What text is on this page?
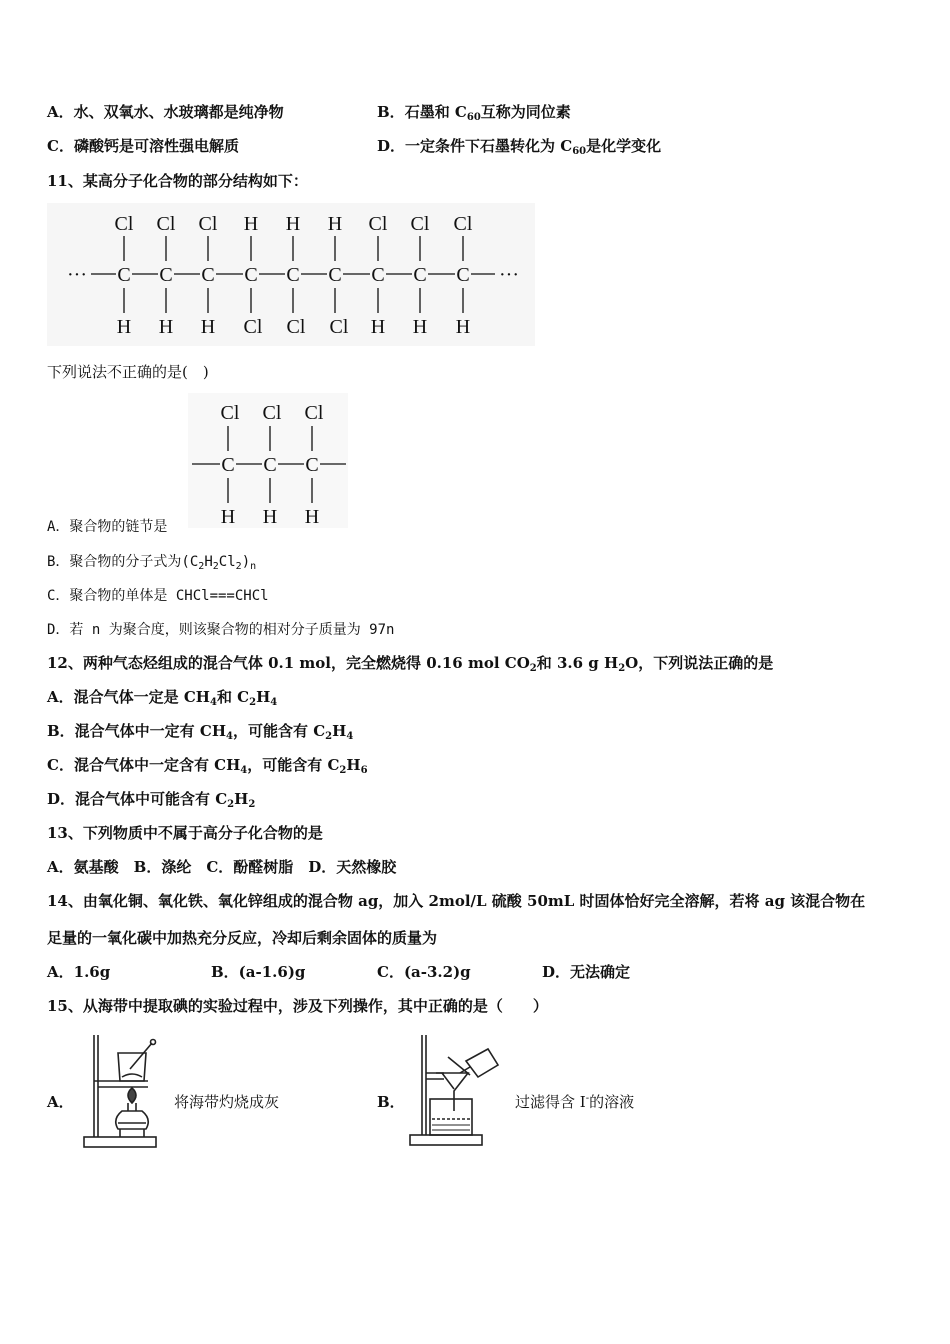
A．水、双氧水、水玻璃都是纯净物	B．石墨和 $C_{60}$互称为同位素
C．磷酸钙是可溶性强电解质	D．一定条件下石墨转化为 $C_{60}$是化学变化
11、某高分子化合物的部分结构如下：
Cl Cl Cl H H H Cl Cl Cl
··· C C C C C C C C C ···
H H H Cl Cl Cl H H H
下列说法不正确的是(　)
Cl Cl Cl
C C C
H H H
A．聚合物的链节是
B．聚合物的分子式为$(C_2H_2Cl_2)_n$
C．聚合物的单体是 CHCl===CHCl
D．若 n 为聚合度，则该聚合物的相对分子质量为 97n
12、两种气态烃组成的混合气体 0.1 mol，完全燃烧得 0.16 mol $CO_2$和 3.6 g $H_2O$，下列说法正确的是
A．混合气体一定是 $CH_4$和 $C_2H_4$
B．混合气体中一定有 $CH_4$，可能含有 $C_2H_4$
C．混合气体中一定含有 $CH_4$，可能含有 $C_2H_6$
D．混合气体中可能含有 $C_2H_2$
13、下列物质中不属于高分子化合物的是
A．氨基酸　B．涤纶　C．酚醛树脂　D．天然橡胶
14、由氧化铜、氧化铁、氧化锌组成的混合物 ag，加入 2mol/L 硫酸 50mL 时固体恰好完全溶解，若将 ag 该混合物在
足量的一氧化碳中加热充分反应，冷却后剩余固体的质量为
A．1.6g	B．(a-1.6)g	C．(a-3.2)g	D．无法确定
15、从海带中提取碘的实验过程中，涉及下列操作，其中正确的是（　　）
A．	将海带灼烧成灰	B．	过滤得含 I-的溶液
